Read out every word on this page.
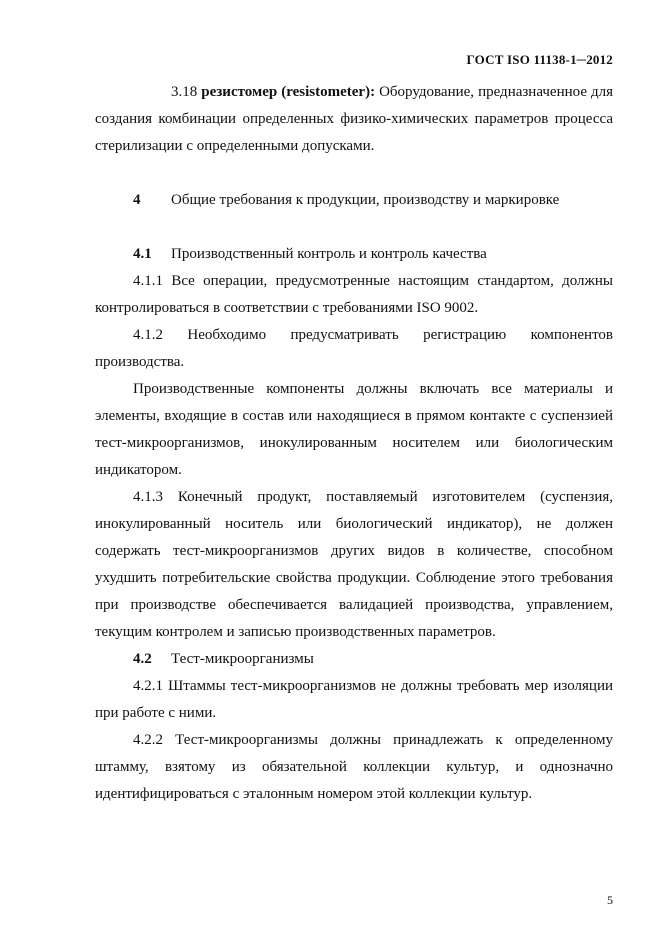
ГОСТ ISO 11138-1─2012

3.18 резистомер (resistometer): Оборудование, предназначенное для создания комбинации определенных физико-химических параметров процесса стерилизации с определенными допусками.

4 Общие требования к продукции, производству и маркировке

4.1 Производственный контроль и контроль качества

4.1.1 Все операции, предусмотренные настоящим стандартом, должны контролироваться в соответствии с требованиями ISO 9002.

4.1.2 Необходимо предусматривать регистрацию компонентов производства.

Производственные компоненты должны включать все материалы и элементы, входящие в состав или находящиеся в прямом контакте с суспензией тест-микроорганизмов, инокулированным носителем или биологическим индикатором.

4.1.3 Конечный продукт, поставляемый изготовителем (суспензия, инокулированный носитель или биологический индикатор), не должен содержать тест-микроорганизмов других видов в количестве, способном ухудшить потребительские свойства продукции. Соблюдение этого требования при производстве обеспечивается валидацией производства, управлением, текущим контролем и записью производственных параметров.

4.2 Тест-микроорганизмы

4.2.1 Штаммы тест-микроорганизмов не должны требовать мер изоляции при работе с ними.

4.2.2 Тест-микроорганизмы должны принадлежать к определенному штамму, взятому из обязательной коллекции культур, и однозначно идентифицироваться с эталонным номером этой коллекции культур.

5
